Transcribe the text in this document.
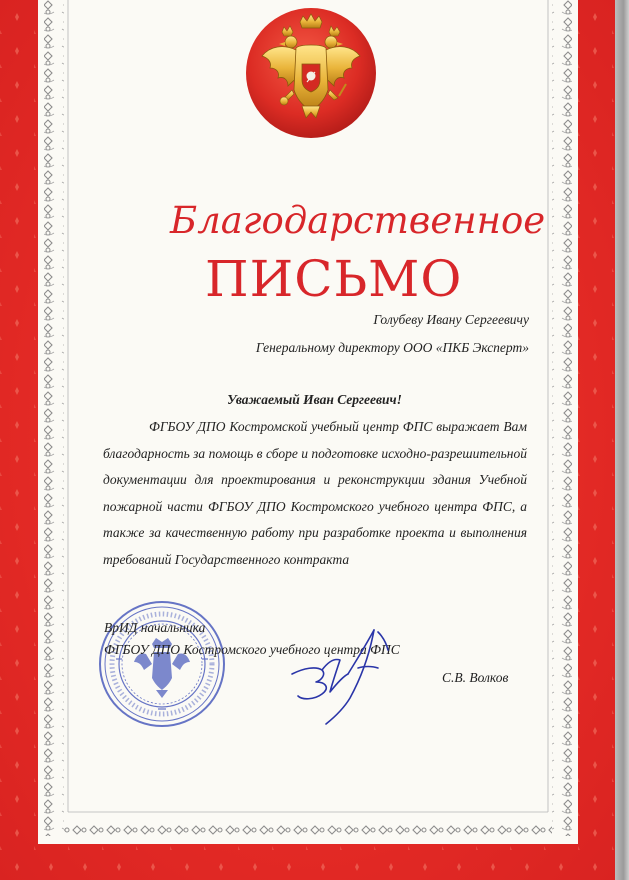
Благодарственное
ПИСЬМО
Голубеву Ивану Сергеевичу
Генеральному директору ООО «ПКБ Эксперт»
Уважаемый Иван Сергеевич!
ФГБОУ ДПО Костромской учебный центр ФПС выражает Вам благодарность за помощь в сборе и подготовке исходно-разрешительной документации для проектирования и реконструкции здания Учебной пожарной части ФГБОУ ДПО Костромского учебного центра ФПС, а также за качественную работу при разработке проекта и выполнения требований Государственного контракта
ВрИД начальника
ФГБОУ ДПО Костромского учебного центра ФПС
С.В. Волков
